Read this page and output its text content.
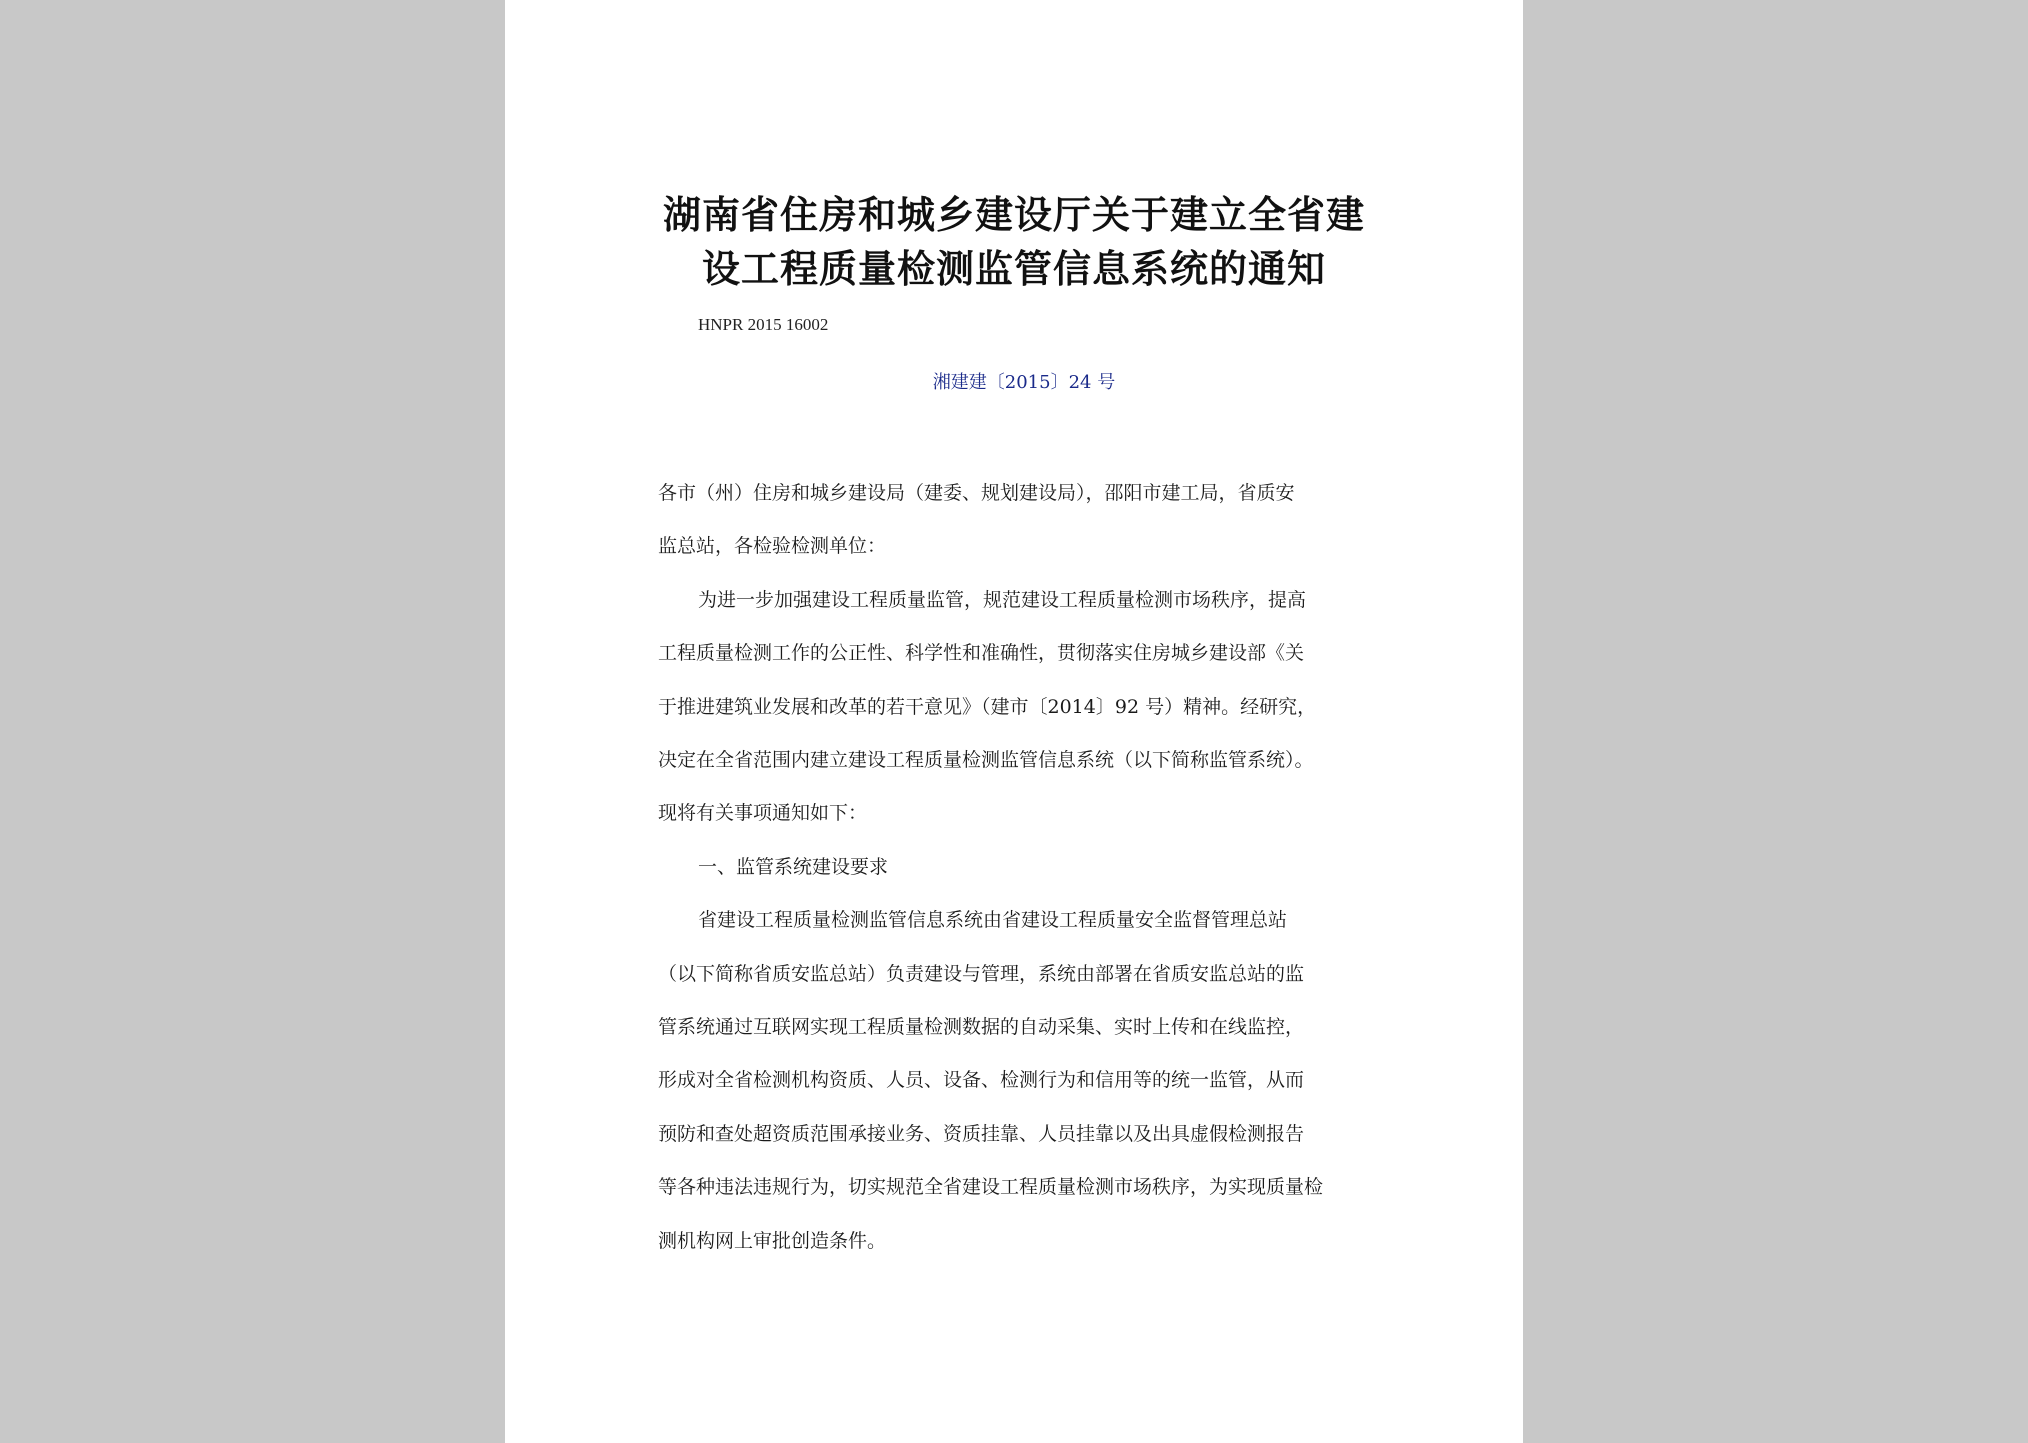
湖南省住房和城乡建设厅关于建立全省建
设工程质量检测监管信息系统的通知
HNPR 2015 16002
湘建建〔2015〕24 号
各市（州）住房和城乡建设局（建委、规划建设局），邵阳市建工局，省质安
监总站，各检验检测单位：
为进一步加强建设工程质量监管，规范建设工程质量检测市场秩序，提高
工程质量检测工作的公正性、科学性和准确性，贯彻落实住房城乡建设部《关
于推进建筑业发展和改革的若干意见》（建市〔2014〕92 号）精神。经研究，
决定在全省范围内建立建设工程质量检测监管信息系统（以下简称监管系统）。
现将有关事项通知如下：
一、监管系统建设要求
省建设工程质量检测监管信息系统由省建设工程质量安全监督管理总站
（以下简称省质安监总站）负责建设与管理，系统由部署在省质安监总站的监
管系统通过互联网实现工程质量检测数据的自动采集、实时上传和在线监控，
形成对全省检测机构资质、人员、设备、检测行为和信用等的统一监管，从而
预防和查处超资质范围承接业务、资质挂靠、人员挂靠以及出具虚假检测报告
等各种违法违规行为，切实规范全省建设工程质量检测市场秩序，为实现质量检
测机构网上审批创造条件。
